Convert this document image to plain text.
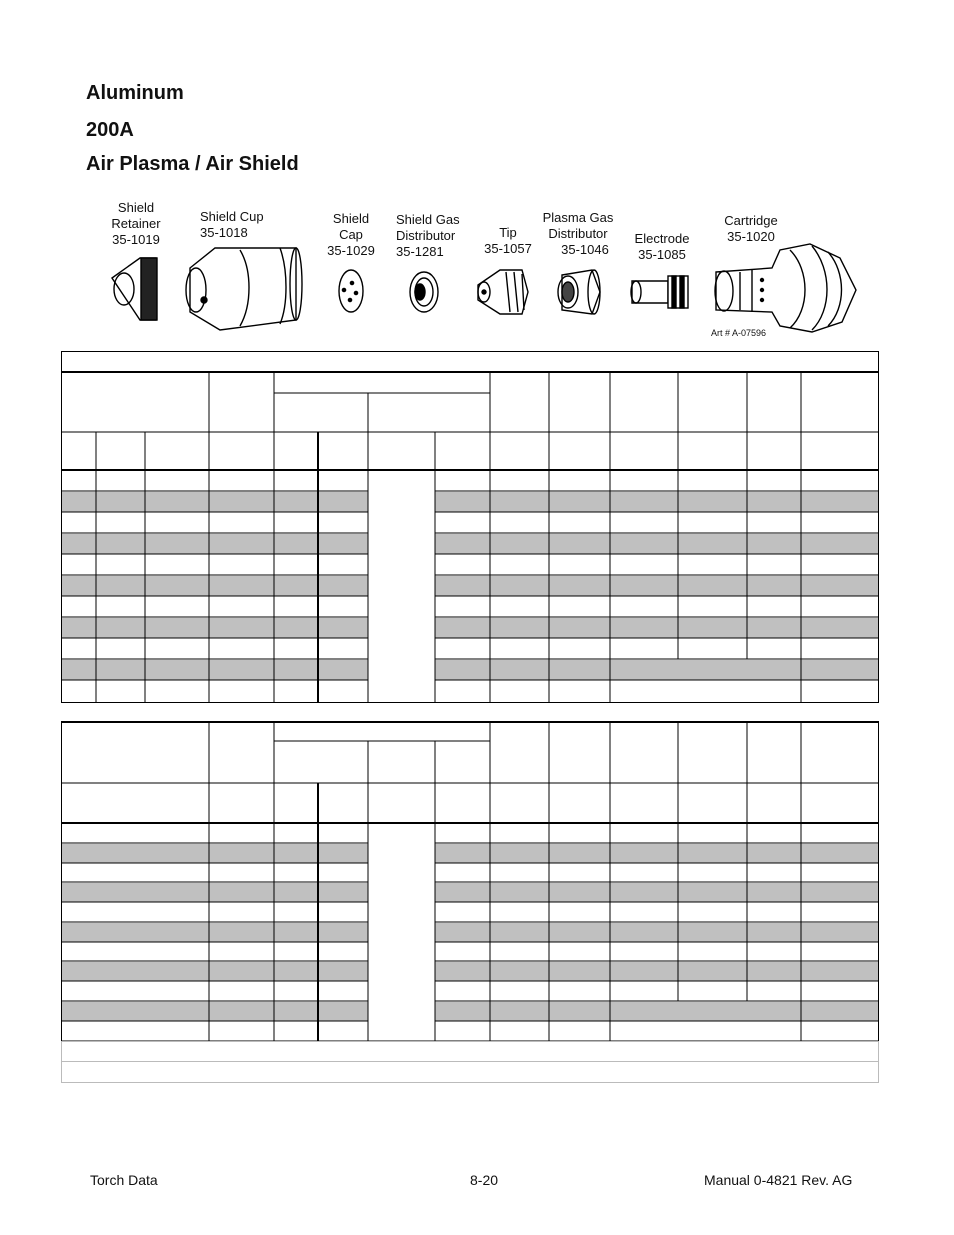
Aluminum
200A
Air Plasma / Air Shield
Shield
Retainer
35-1019
Shield Cup
35-1018
Shield
Cap
35-1029
Shield Gas
Distributor
35-1281
Tip
35-1057
Plasma Gas
Distributor
35-1046
Electrode
35-1085
Cartridge
35-1020
Art # A-07596
Torch Data	8-20	Manual 0-4821 Rev. AG
